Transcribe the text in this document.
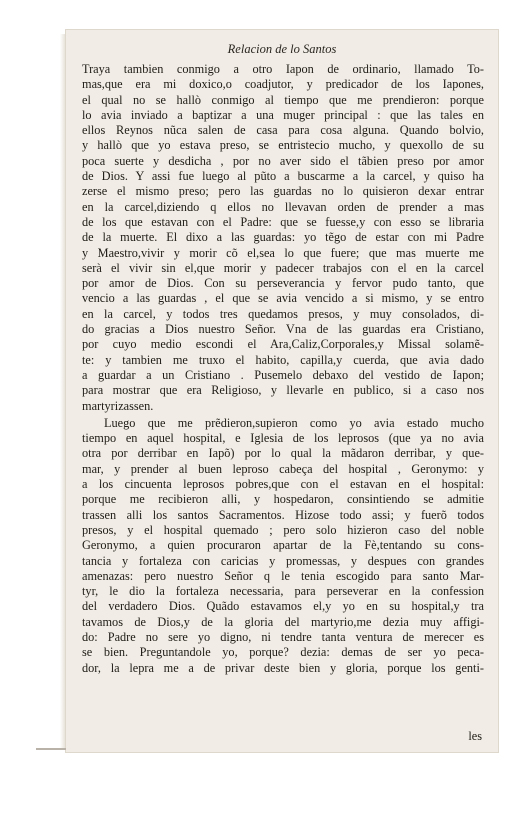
Relacion de lo Santos
Traya tambien conmigo a otro Iapon de ordinario, llamado To-
mas,que era mi doxico,o coadjutor, y predicador de los Iapones,
el qual no se hallò conmigo al tiempo que me prendieron: porque
lo avia inviado a baptizar a una muger principal : que las tales en
ellos Reynos nũca salen de casa para cosa alguna. Quando bolvio,
y hallò que yo estava preso, se entristecio mucho, y quexollo de su
poca suerte y desdicha , por no aver sido el tãbien preso por amor
de Dios. Y assi fue luego al pũto a buscarme a la carcel, y quiso ha
zerse el mismo preso; pero las guardas no lo quisieron dexar entrar
en la carcel,diziendo q ellos no llevavan orden de prender a mas
de los que estavan con el Padre: que se fuesse,y con esso se libraria
de la muerte. El dixo a las guardas: yo tẽgo de estar con mi Padre
y Maestro,vivir y morir cõ el,sea lo que fuere; que mas muerte me
serà el vivir sin el,que morir y padecer trabajos con el en la carcel
por amor de Dios. Con su perseverancia y fervor pudo tanto, que
vencio a las guardas , el que se avia vencido a si mismo, y se entro
en la carcel, y todos tres quedamos presos, y muy consolados, di-
do gracias a Dios nuestro Señor. Vna de las guardas era Cristiano,
por cuyo medio escondi el Ara,Caliz,Corporales,y Missal solamẽ-
te: y tambien me truxo el habito, capilla,y cuerda, que avia dado
a guardar a un Cristiano . Pusemelo debaxo del vestido de Iapon;
para mostrar que era Religioso, y llevarle en publico, si a caso nos
martyrizassen.
Luego que me prẽdieron,supieron como yo avia estado mucho
tiempo en aquel hospital, e Iglesia de los leprosos (que ya no avia
otra por derribar en Iapõ) por lo qual la mãdaron derribar, y que-
mar, y prender al buen leproso cabeça del hospital , Geronymo: y
a los cincuenta leprosos pobres,que con el estavan en el hospital:
porque me recibieron alli, y hospedaron, consintiendo se admitie
trassen alli los santos Sacramentos. Hizose todo assi; y fuerõ todos
presos, y el hospital quemado ; pero solo hizieron caso del noble
Geronymo, a quien procuraron apartar de la Fè,tentando su cons-
tancia y fortaleza con caricias y promessas, y despues con grandes
amenazas: pero nuestro Señor q le tenia escogido para santo Mar-
tyr, le dio la fortaleza necessaria, para perseverar en la confession
del verdadero Dios. Quãdo estavamos el,y yo en su hospital,y tra
tavamos de Dios,y de la gloria del martyrio,me dezia muy affigi-
do: Padre no sere yo digno, ni tendre tanta ventura de merecer es
se bien. Preguntandole yo, porque? dezia: demas de ser yo peca-
dor, la lepra me a de privar deste bien y gloria, porque los genti-
les
